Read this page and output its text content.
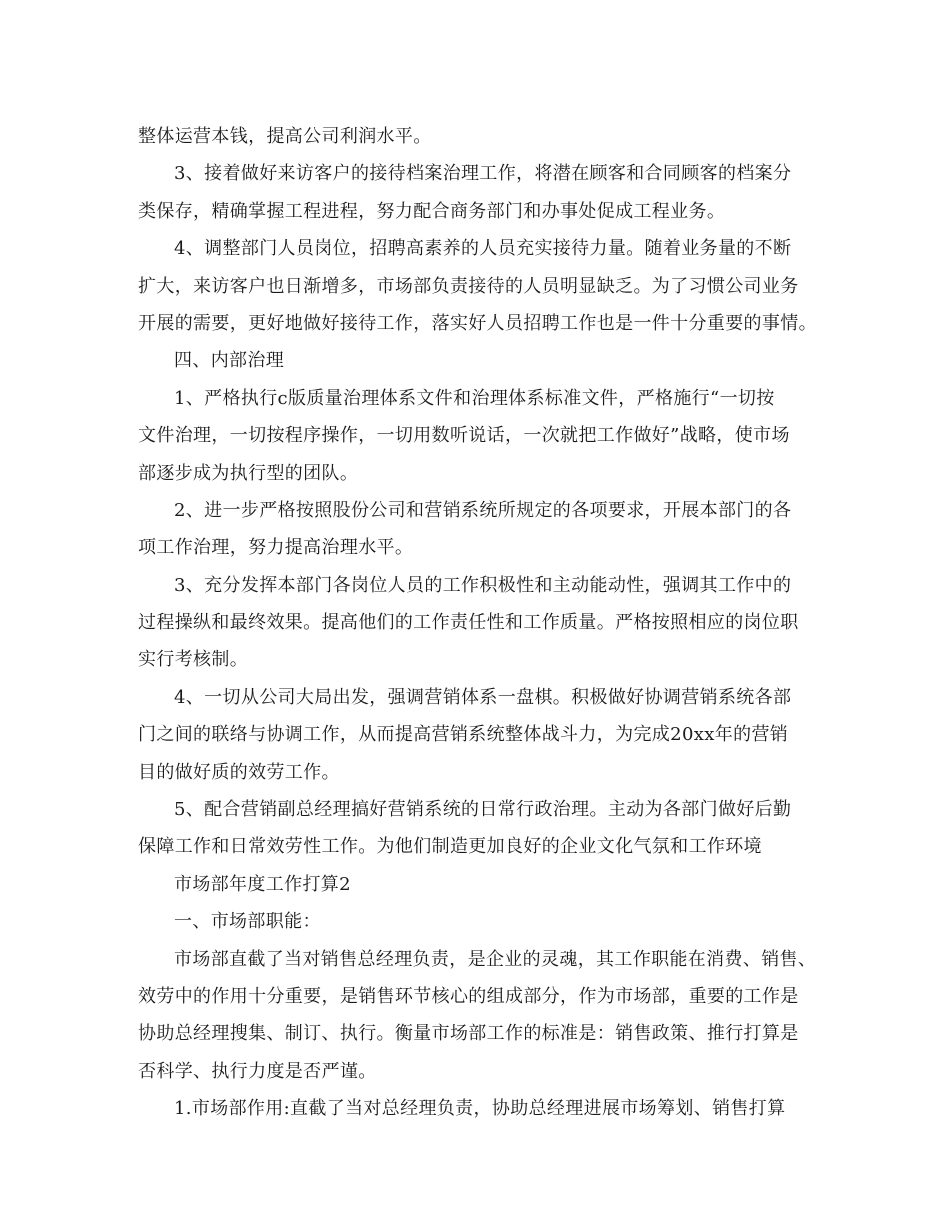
整体运营本钱，提高公司利润水平。
3、接着做好来访客户的接待档案治理工作，将潜在顾客和合同顾客的档案分
类保存，精确掌握工程进程，努力配合商务部门和办事处促成工程业务。
4、调整部门人员岗位，招聘高素养的人员充实接待力量。随着业务量的不断
扩大，来访客户也日渐增多，市场部负责接待的人员明显缺乏。为了习惯公司业务
开展的需要，更好地做好接待工作，落实好人员招聘工作也是一件十分重要的事情。
四、内部治理
1、严格执行c版质量治理体系文件和治理体系标准文件，严格施行“一切按
文件治理，一切按程序操作，一切用数听说话，一次就把工作做好”战略，使市场
部逐步成为执行型的团队。
2、进一步严格按照股份公司和营销系统所规定的各项要求，开展本部门的各
项工作治理，努力提高治理水平。
3、充分发挥本部门各岗位人员的工作积极性和主动能动性，强调其工作中的
过程操纵和最终效果。提高他们的工作责任性和工作质量。严格按照相应的岗位职
实行考核制。
4、一切从公司大局出发，强调营销体系一盘棋。积极做好协调营销系统各部
门之间的联络与协调工作，从而提高营销系统整体战斗力，为完成20xx年的营销
目的做好质的效劳工作。
5、配合营销副总经理搞好营销系统的日常行政治理。主动为各部门做好后勤
保障工作和日常效劳性工作。为他们制造更加良好的企业文化气氛和工作环境
市场部年度工作打算2
一、市场部职能：
市场部直截了当对销售总经理负责，是企业的灵魂，其工作职能在消费、销售、
效劳中的作用十分重要，是销售环节核心的组成部分，作为市场部，重要的工作是
协助总经理搜集、制订、执行。衡量市场部工作的标准是：销售政策、推行打算是
否科学、执行力度是否严谨。
1.市场部作用:直截了当对总经理负责，协助总经理进展市场筹划、销售打算
